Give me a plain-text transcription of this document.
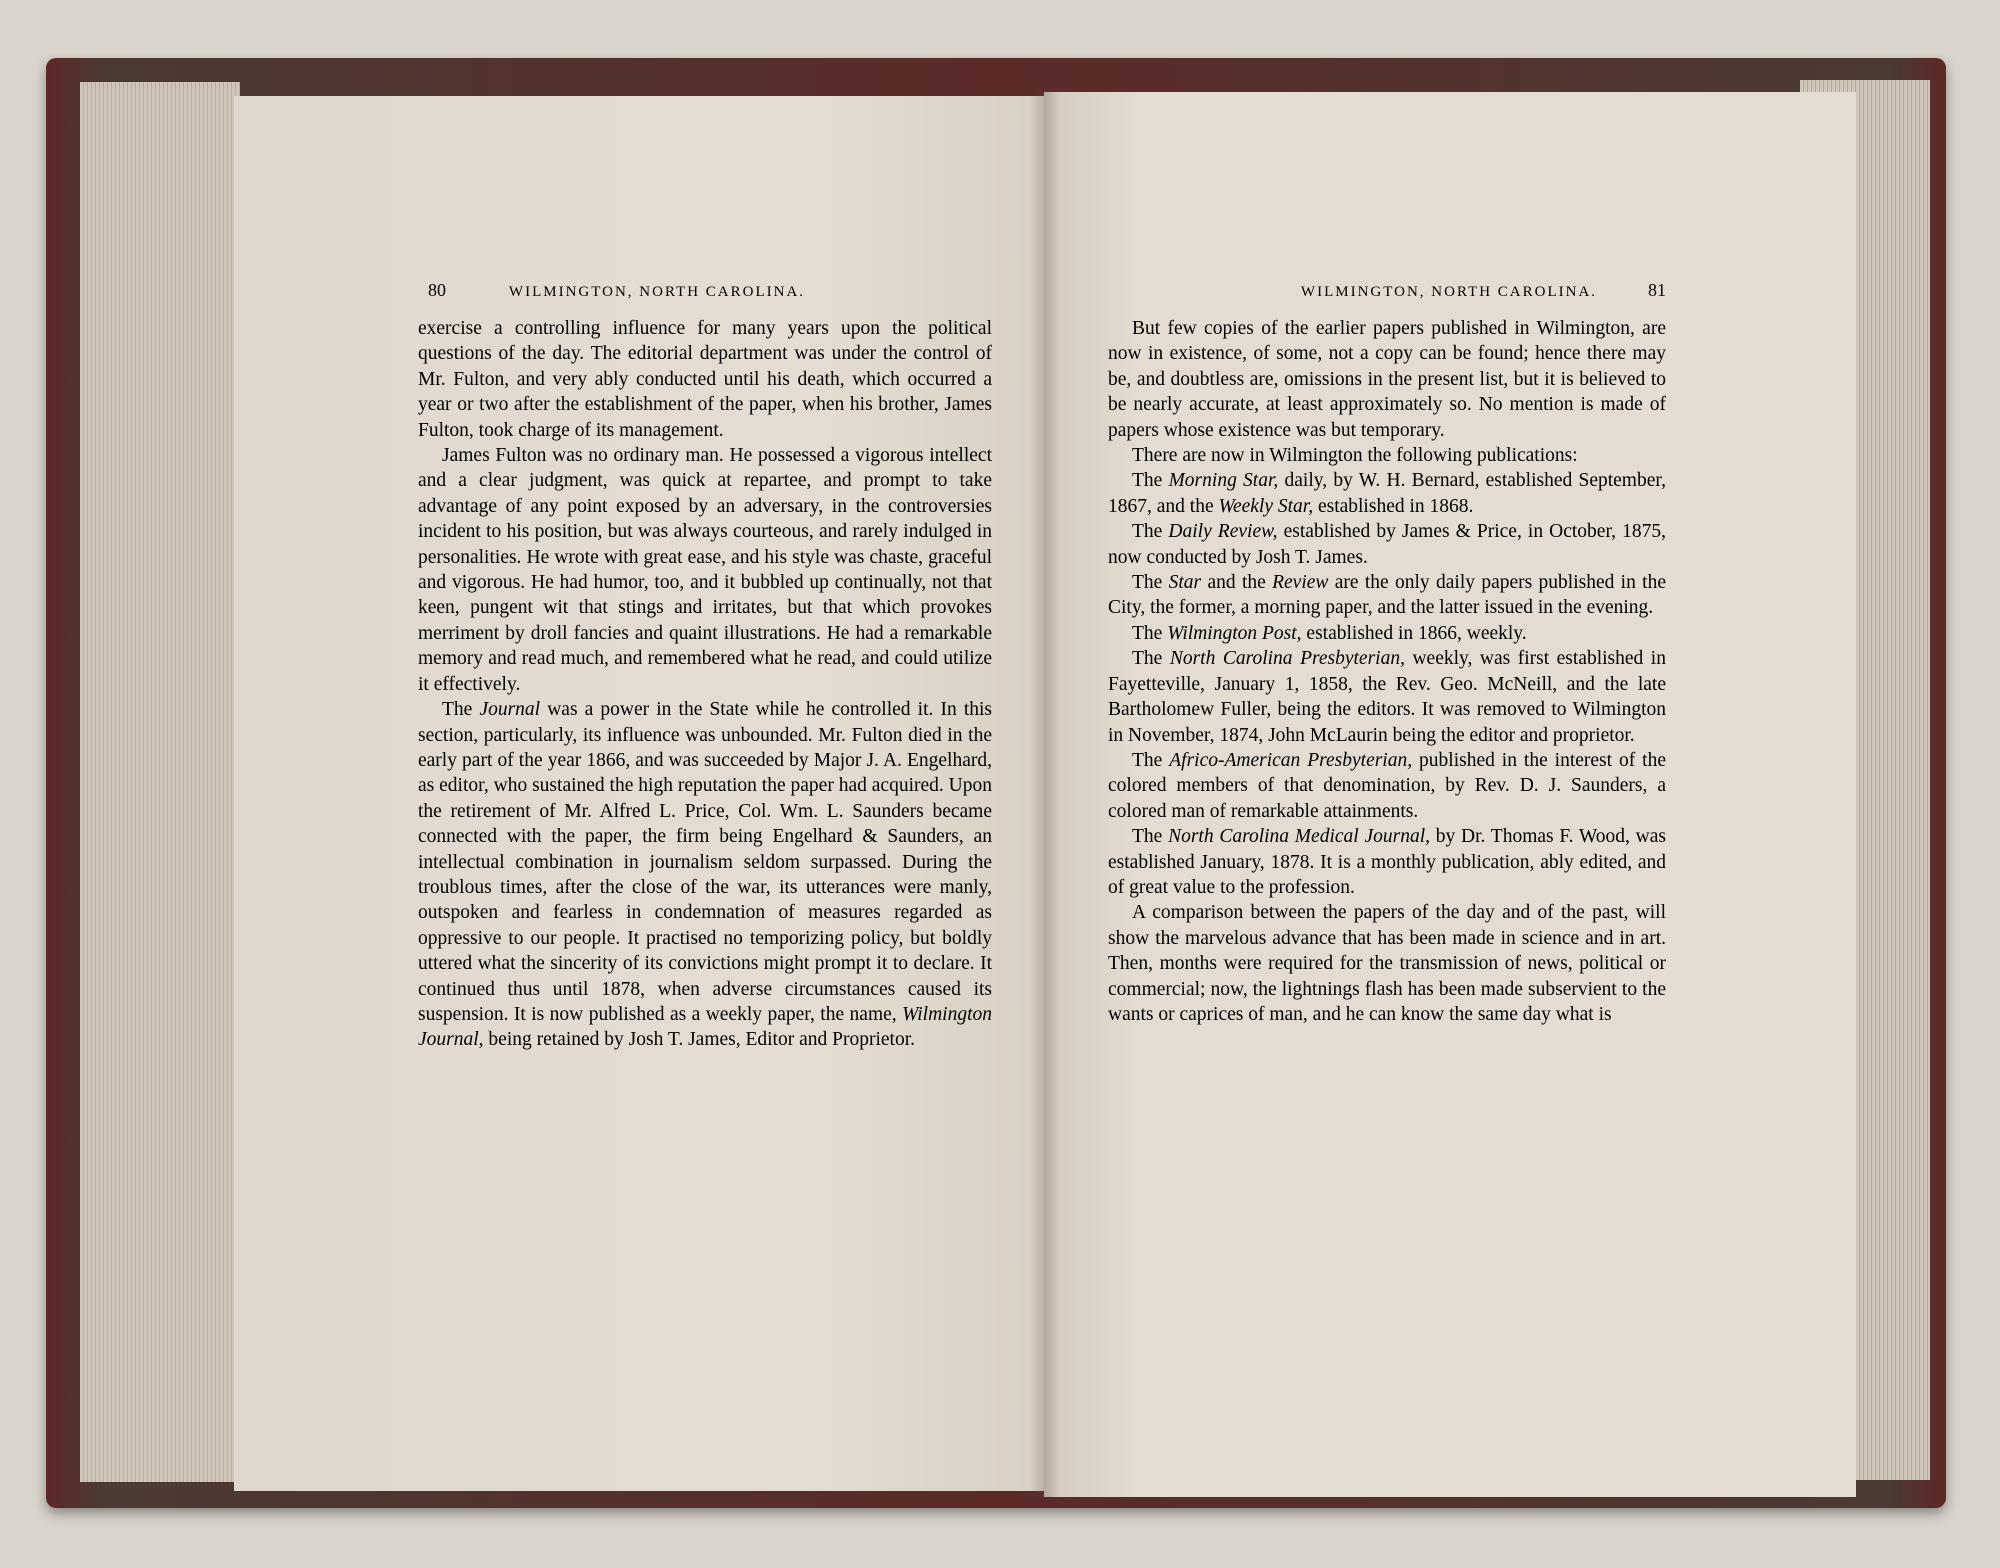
80	WILMINGTON, NORTH CAROLINA.	WILMINGTON, NORTH CAROLINA.	81

exercise a controlling influence for many years upon the political questions of the day. The editorial department was under the control of Mr. Fulton, and very ably conducted until his death, which occurred a year or two after the establishment of the paper, when his brother, James Fulton, took charge of its management.

James Fulton was no ordinary man. He possessed a vigorous intellect and a clear judgment, was quick at repartee, and prompt to take advantage of any point exposed by an adversary, in the controversies incident to his position, but was always courteous, and rarely indulged in personalities. He wrote with great ease, and his style was chaste, graceful and vigorous. He had humor, too, and it bubbled up continually, not that keen, pungent wit that stings and irritates, but that which provokes merriment by droll fancies and quaint illustrations. He had a remarkable memory and read much, and remembered what he read, and could utilize it effectively.

The Journal was a power in the State while he controlled it. In this section, particularly, its influence was unbounded. Mr. Fulton died in the early part of the year 1866, and was succeeded by Major J. A. Engelhard, as editor, who sustained the high reputation the paper had acquired. Upon the retirement of Mr. Alfred L. Price, Col. Wm. L. Saunders became connected with the paper, the firm being Engelhard & Saunders, an intellectual combination in journalism seldom surpassed. During the troublous times, after the close of the war, its utterances were manly, outspoken and fearless in condemnation of measures regarded as oppressive to our people. It practised no temporizing policy, but boldly uttered what the sincerity of its convictions might prompt it to declare. It continued thus until 1878, when adverse circumstances caused its suspension. It is now published as a weekly paper, the name, Wilmington Journal, being retained by Josh T. James, Editor and Proprietor.

But few copies of the earlier papers published in Wilmington, are now in existence, of some, not a copy can be found; hence there may be, and doubtless are, omissions in the present list, but it is believed to be nearly accurate, at least approximately so. No mention is made of papers whose existence was but temporary.

There are now in Wilmington the following publications:

The Morning Star, daily, by W. H. Bernard, established September, 1867, and the Weekly Star, established in 1868.

The Daily Review, established by James & Price, in October, 1875, now conducted by Josh T. James.

The Star and the Review are the only daily papers published in the City, the former, a morning paper, and the latter issued in the evening.

The Wilmington Post, established in 1866, weekly.

The North Carolina Presbyterian, weekly, was first established in Fayetteville, January 1, 1858, the Rev. Geo. McNeill, and the late Bartholomew Fuller, being the editors. It was removed to Wilmington in November, 1874, John McLaurin being the editor and proprietor.

The Africo-American Presbyterian, published in the interest of the colored members of that denomination, by Rev. D. J. Saunders, a colored man of remarkable attainments.

The North Carolina Medical Journal, by Dr. Thomas F. Wood, was established January, 1878. It is a monthly publication, ably edited, and of great value to the profession.

A comparison between the papers of the day and of the past, will show the marvelous advance that has been made in science and in art. Then, months were required for the transmission of news, political or commercial; now, the lightnings flash has been made subservient to the wants or caprices of man, and he can know the same day what is
